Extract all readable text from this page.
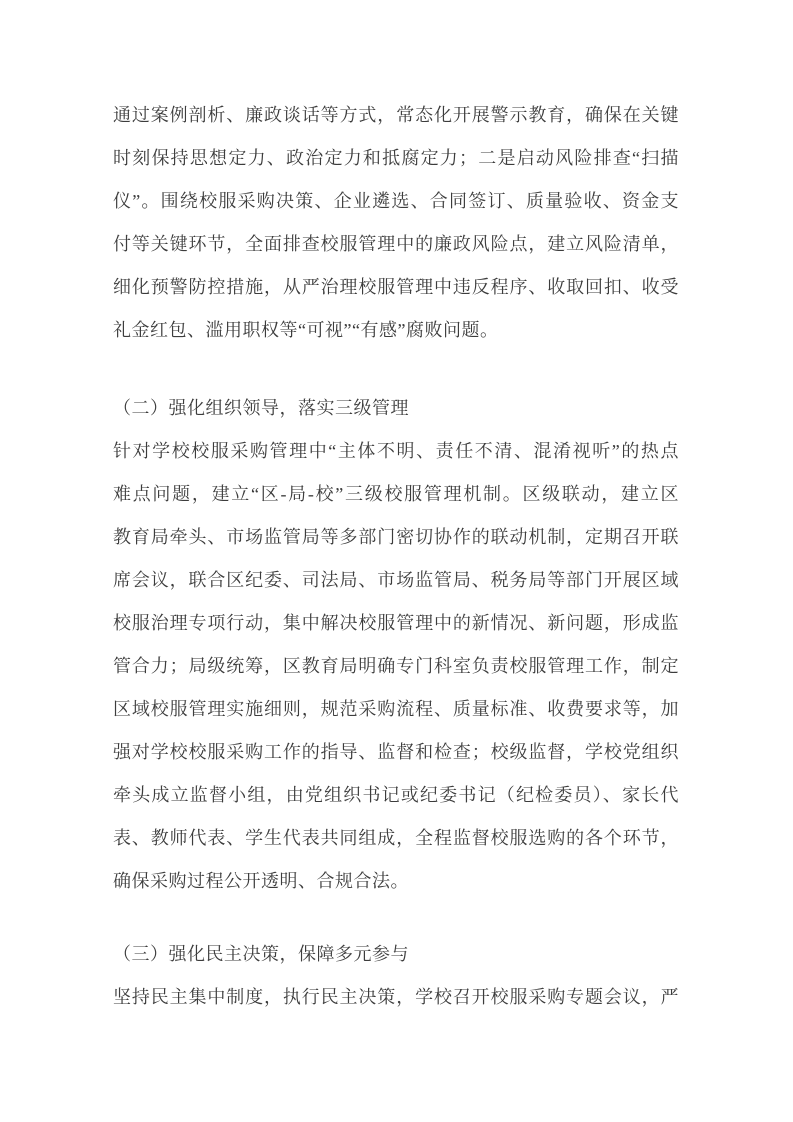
通过案例剖析、廉政谈话等方式，常态化开展警示教育，确保在关键
时刻保持思想定力、政治定力和抵腐定力；二是启动风险排查“扫描
仪”。围绕校服采购决策、企业遴选、合同签订、质量验收、资金支
付等关键环节，全面排查校服管理中的廉政风险点，建立风险清单，
细化预警防控措施，从严治理校服管理中违反程序、收取回扣、收受
礼金红包、滥用职权等“可视”“有感”腐败问题。
（二）强化组织领导，落实三级管理
针对学校校服采购管理中“主体不明、责任不清、混淆视听”的热点
难点问题，建立“区-局-校”三级校服管理机制。区级联动，建立区
教育局牵头、市场监管局等多部门密切协作的联动机制，定期召开联
席会议，联合区纪委、司法局、市场监管局、税务局等部门开展区域
校服治理专项行动，集中解决校服管理中的新情况、新问题，形成监
管合力；局级统筹，区教育局明确专门科室负责校服管理工作，制定
区域校服管理实施细则，规范采购流程、质量标准、收费要求等，加
强对学校校服采购工作的指导、监督和检查；校级监督，学校党组织
牵头成立监督小组，由党组织书记或纪委书记（纪检委员）、家长代
表、教师代表、学生代表共同组成，全程监督校服选购的各个环节，
确保采购过程公开透明、合规合法。
（三）强化民主决策，保障多元参与
坚持民主集中制度，执行民主决策，学校召开校服采购专题会议，严
